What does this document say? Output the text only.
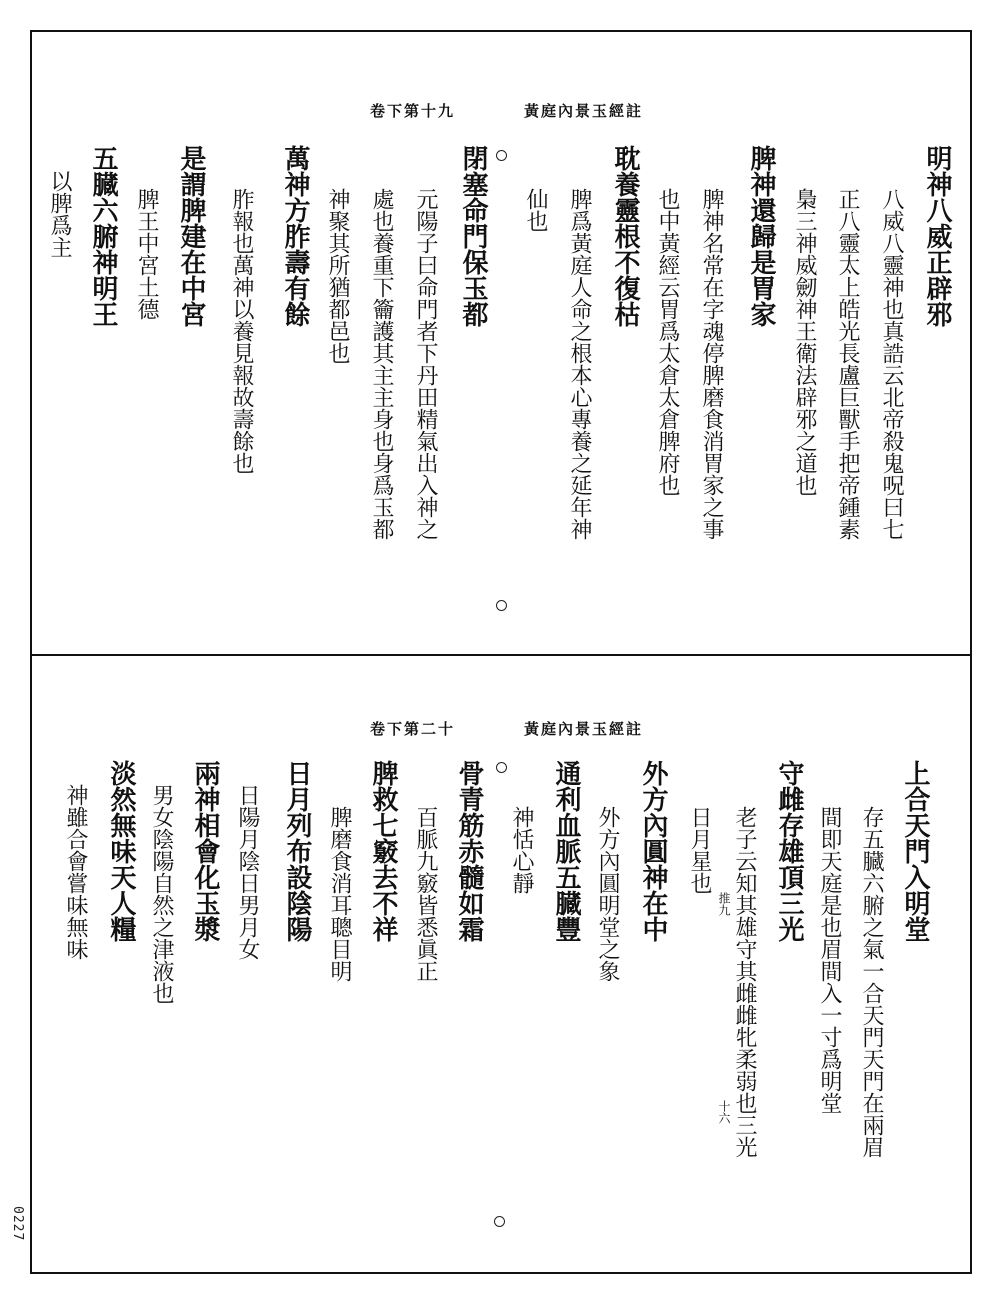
0227
黃庭內景玉經註
卷下第十九
明神八威正辟邪
八威八靈神也真誥云北帝殺鬼呪曰七
正八靈太上皓光長盧巨獸手把帝鍾素
梟三神威劒神王衛法辟邪之道也
脾神還歸是胃家
脾神名常在字魂停脾磨食消胃家之事
也中黃經云胃爲太倉太倉脾府也
耽養靈根不復枯
脾爲黃庭人命之根本心專養之延年神
仙也
閉塞命門保玉都
元陽子曰命門者下丹田精氣出入神之
處也養重下籥護其主主身也身爲玉都
神聚其所猶都邑也
萬神方胙壽有餘
胙報也萬神以養見報故壽餘也
是謂脾建在中宮
脾王中宮土德
五臓六腑神明王
以脾爲主
黃庭內景玉經註
卷下第二十
上合天門入明堂
存五臓六腑之氣一合天門天門在兩眉
間即天庭是也眉間入一寸爲明堂
守雌存雄頂三光
老子云知其雄守其雌雌牝柔弱也三光
日月星也
外方內圓神在中
外方內圓明堂之象
通利血脈五臓豐
神恬心靜
骨青筋赤髓如霜
百脈九竅皆悉眞正
脾救七竅去不祥
脾磨食消耳聰目明
日月列布設陰陽
日陽月陰日男月女
兩神相會化玉漿
男女陰陽自然之津液也
淡然無味天人糧
神雖合會嘗味無味	推九
十六
